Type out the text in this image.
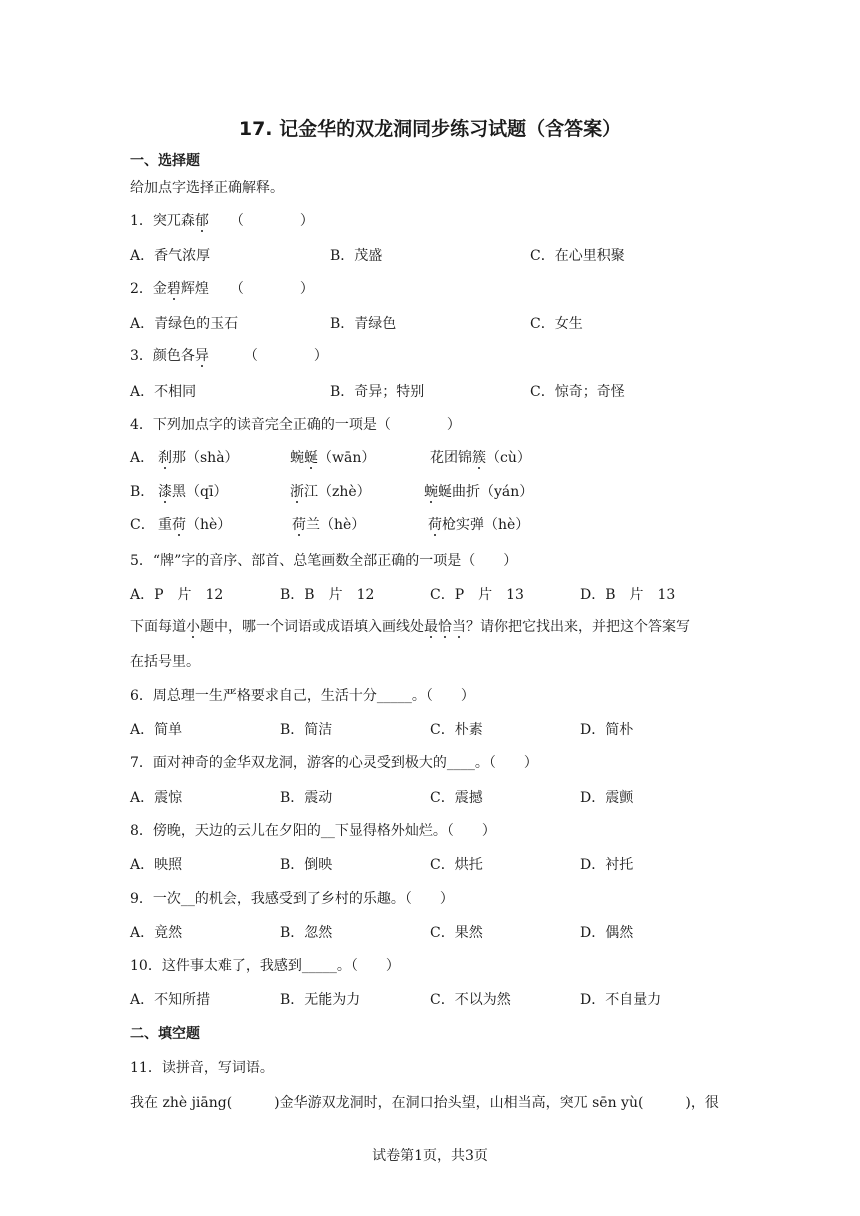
17. 记金华的双龙洞同步练习试题（含答案）
一、选择题
给加点字选择正确解释。
1．突兀森郁　　（　　　　）
A．香气浓厚	B．茂盛	C．在心里积聚
2．金碧辉煌　　（　　　　）
A．青绿色的玉石	B．青绿色	C．女生
3．颜色各异　　　（　　　　）
A．不相同	B．奇异；特别	C．惊奇；奇怪
4．下列加点字的读音完全正确的一项是（　　　　）
A． 刹那（shà）	蜿蜒（wān）	花团锦簇（cù）
B． 漆黑（qī）	浙江（zhè）	蜿蜒曲折（yán）
C． 重荷（hè）	荷兰（hè）	荷枪实弹（hè）
5．“牌”字的音序、部首、总笔画数全部正确的一项是（　　）
A．P　片　12	B．B　片　12	C．P　片　13	D．B　片　13
下面每道小题中，哪一个词语或成语填入画线处最恰当？请你把它找出来，并把这个答案写
在括号里。
6．周总理一生严格要求自己，生活十分_____。（　　）
A．简单	B．简洁	C．朴素	D．简朴
7．面对神奇的金华双龙洞，游客的心灵受到极大的____。（　　）
A．震惊	B．震动	C．震撼	D．震颤
8．傍晚，天边的云儿在夕阳的__下显得格外灿烂。（　　）
A．映照	B．倒映	C．烘托	D．衬托
9．一次__的机会，我感受到了乡村的乐趣。（　　）
A．竟然	B．忽然	C．果然	D．偶然
10．这件事太难了，我感到_____。（　　）
A．不知所措	B．无能为力	C．不以为然	D．不自量力
二、填空题
11．读拼音，写词语。
我在 zhè jiāng(　　　)金华游双龙洞时，在洞口抬头望，山相当高，突兀 sēn yù(　　　)，很
试卷第1页，共3页
